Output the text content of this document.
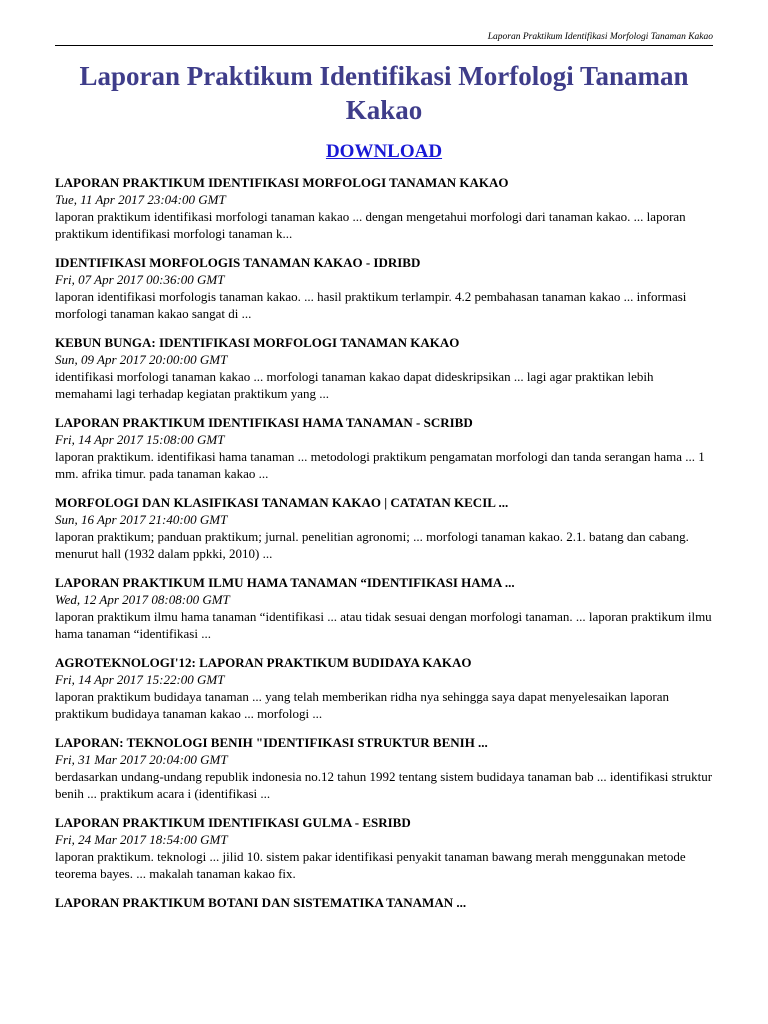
Laporan Praktikum Identifikasi Morfologi Tanaman Kakao
Laporan Praktikum Identifikasi Morfologi Tanaman Kakao
DOWNLOAD
LAPORAN PRAKTIKUM IDENTIFIKASI MORFOLOGI TANAMAN KAKAO
Tue, 11 Apr 2017 23:04:00 GMT
laporan praktikum identifikasi morfologi tanaman kakao ... dengan mengetahui morfologi dari tanaman kakao. ... laporan praktikum identifikasi morfologi tanaman k...
IDENTIFIKASI MORFOLOGIS TANAMAN KAKAO - IDRIBD
Fri, 07 Apr 2017 00:36:00 GMT
laporan identifikasi morfologis tanaman kakao. ... hasil praktikum terlampir. 4.2 pembahasan tanaman kakao ... informasi morfologi tanaman kakao sangat di ...
KEBUN BUNGA: IDENTIFIKASI MORFOLOGI TANAMAN KAKAO
Sun, 09 Apr 2017 20:00:00 GMT
identifikasi morfologi tanaman kakao ... morfologi tanaman kakao dapat dideskripsikan ... lagi agar praktikan lebih memahami lagi terhadap kegiatan praktikum yang ...
LAPORAN PRAKTIKUM IDENTIFIKASI HAMA TANAMAN - SCRIBD
Fri, 14 Apr 2017 15:08:00 GMT
laporan praktikum. identifikasi hama tanaman ... metodologi praktikum pengamatan morfologi dan tanda serangan hama ... 1 mm. afrika timur. pada tanaman kakao ...
MORFOLOGI DAN KLASIFIKASI TANAMAN KAKAO | CATATAN KECIL ...
Sun, 16 Apr 2017 21:40:00 GMT
laporan praktikum; panduan praktikum; jurnal. penelitian agronomi; ... morfologi tanaman kakao. 2.1. batang dan cabang. menurut hall (1932 dalam ppkki, 2010) ...
LAPORAN PRAKTIKUM ILMU HAMA TANAMAN “IDENTIFIKASI HAMA ...
Wed, 12 Apr 2017 08:08:00 GMT
laporan praktikum ilmu hama tanaman “identifikasi ... atau tidak sesuai dengan morfologi tanaman. ... laporan praktikum ilmu hama tanaman “identifikasi ...
AGROTEKNOLOGI'12: LAPORAN PRAKTIKUM BUDIDAYA KAKAO
Fri, 14 Apr 2017 15:22:00 GMT
laporan praktikum budidaya tanaman ... yang telah memberikan ridha nya sehingga saya dapat menyelesaikan laporan praktikum budidaya tanaman kakao ... morfologi ...
LAPORAN: TEKNOLOGI BENIH "IDENTIFIKASI STRUKTUR BENIH ...
Fri, 31 Mar 2017 20:04:00 GMT
berdasarkan undang-undang republik indonesia no.12 tahun 1992 tentang sistem budidaya tanaman bab ... identifikasi struktur benih ... praktikum acara i (identifikasi ...
LAPORAN PRAKTIKUM IDENTIFIKASI GULMA - ESRIBD
Fri, 24 Mar 2017 18:54:00 GMT
laporan praktikum. teknologi ... jilid 10. sistem pakar identifikasi penyakit tanaman bawang merah menggunakan metode teorema bayes. ... makalah tanaman kakao fix.
LAPORAN PRAKTIKUM BOTANI DAN SISTEMATIKA TANAMAN ...
